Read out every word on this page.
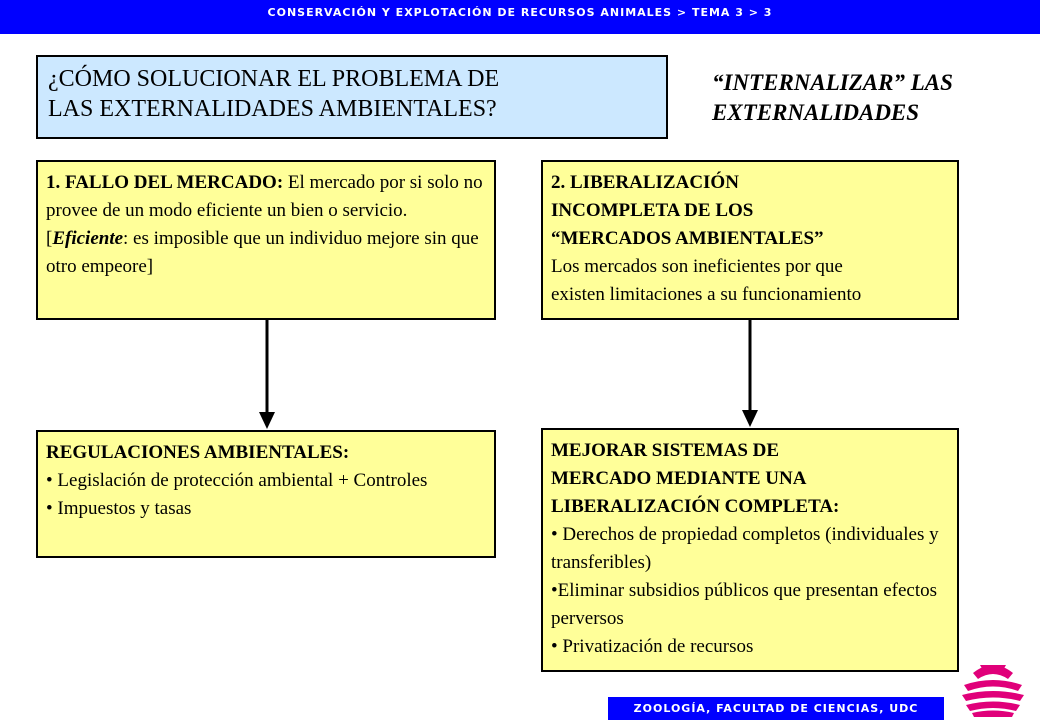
CONSERVACIÓN Y EXPLOTACIÓN DE RECURSOS ANIMALES > TEMA 3 > 3
¿CÓMO SOLUCIONAR EL PROBLEMA DE
LAS EXTERNALIDADES AMBIENTALES?
“INTERNALIZAR” LAS
EXTERNALIDADES
1. FALLO DEL MERCADO: El mercado por si solo no provee de un modo eficiente un bien o servicio.
[Eficiente: es imposible que un individuo mejore sin que otro empeore]
2. LIBERALIZACIÓN
INCOMPLETA DE LOS
“MERCADOS AMBIENTALES”
Los mercados son ineficientes por que
existen limitaciones a su funcionamiento
REGULACIONES AMBIENTALES:
• Legislación de protección ambiental + Controles
• Impuestos y tasas
MEJORAR SISTEMAS DE
MERCADO MEDIANTE UNA
LIBERALIZACIÓN COMPLETA:
• Derechos de propiedad completos (individuales y transferibles)
•Eliminar subsidios públicos que presentan efectos perversos
• Privatización de recursos
ZOOLOGÍA, FACULTAD DE CIENCIAS, UDC
